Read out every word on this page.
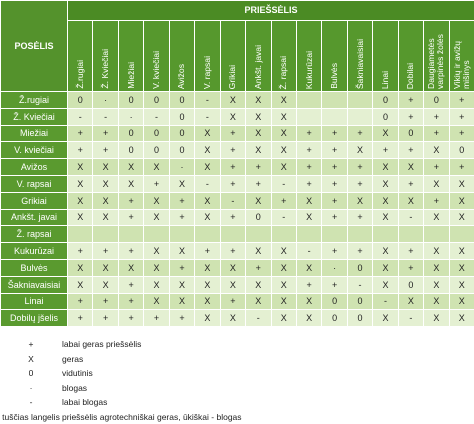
POSĖLIS	PRIEŠSĖLIS															
	Ž.rugiai	Ž. Kviečiai	Miežiai	V. kviečiai	Avižos	V. rapsai	Grikiai	Ankšt. javai	Ž. rapsai	Kukurūzai	Bulvės	Šakniavaisiai	Linai	Dobilai	Daugiametės varpinės žolės	Vikių ir avižų mišinys
Ž.rugiai	0	·	0	0	0	-	X	X	X				0	+	0	+
Ž. Kviečiai	-	-	·	-	0	-	X	X	X				0	+	+	+
Miežiai	+	+	0	0	0	X	+	X	X	+	+	+	X	0	+	+
V. kviečiai	+	+	0	0	0	X	+	X	X	+	+	X	+	+	X	0
Avižos	X	X	X	X	·	X	+	+	X	+	+	+	X	X	+	+
V. rapsai	X	X	X	+	X	-	+	+	-	+	+	+	X	+	X	X
Grikiai	X	X	+	X	+	X	-	X	+	X	+	X	X	X	+	X
Ankšt. javai	X	X	+	X	+	X	+	0	-	X	+	+	X	-	X	X
Ž. rapsai																
Kukurūzai	+	+	+	X	X	+	+	X	X	-	+	+	X	+	X	X
Bulvės	X	X	X	X	+	X	X	+	X	X	·	0	X	+	X	X
Šakniavaisiai	X	X	+	X	X	X	X	X	X	+	+	-	X	0	X	X
Linai	+	+	+	X	X	X	+	X	X	X	0	0	-	X	X	X
Dobilų jšelis	+	+	+	+	+	X	X	-	X	X	0	0	X	-	X	X
+	labai geras priešsėlis
X	geras
0	vidutinis
·	blogas
-	labai blogas
tuščias langelis	priešsėlis agrotechniškai geras, ūkiškai - blogas
